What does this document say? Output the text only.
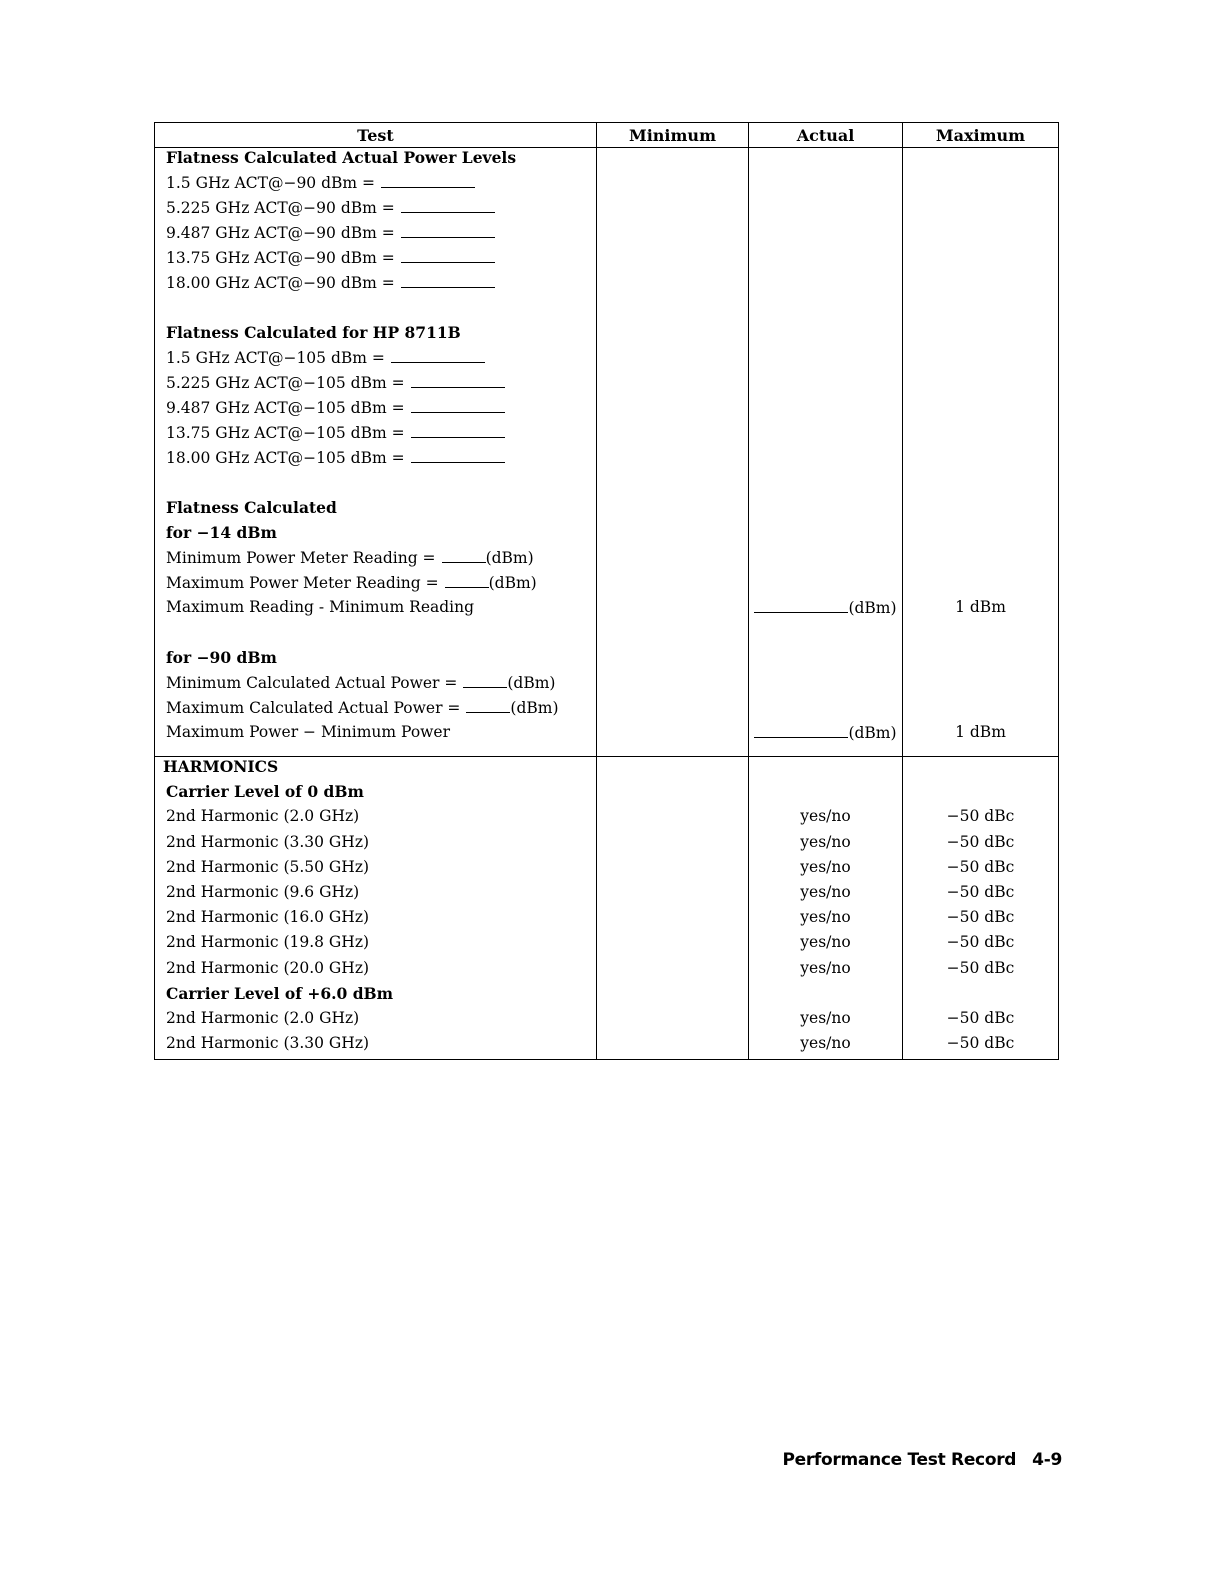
Test	Minimum	Actual	Maximum
Flatness Calculated Actual Power Levels			
1.5 GHz ACT@−90 dBm =			
5.225 GHz ACT@−90 dBm =			
9.487 GHz ACT@−90 dBm =			
13.75 GHz ACT@−90 dBm =			
18.00 GHz ACT@−90 dBm =			

Flatness Calculated for HP 8711B			
1.5 GHz ACT@−105 dBm =			
5.225 GHz ACT@−105 dBm =			
9.487 GHz ACT@−105 dBm =			
13.75 GHz ACT@−105 dBm =			
18.00 GHz ACT@−105 dBm =			

Flatness Calculated			
for −14 dBm			
Minimum Power Meter Reading = (dBm)			
Maximum Power Meter Reading = (dBm)			
Maximum Reading - Minimum Reading		(dBm)	1 dBm

for −90 dBm			
Minimum Calculated Actual Power = (dBm)			
Maximum Calculated Actual Power = (dBm)			
Maximum Power − Minimum Power		(dBm)	1 dBm

HARMONICS			
Carrier Level of 0 dBm			
2nd Harmonic (2.0 GHz)		yes/no	−50 dBc
2nd Harmonic (3.30 GHz)		yes/no	−50 dBc
2nd Harmonic (5.50 GHz)		yes/no	−50 dBc
2nd Harmonic (9.6 GHz)		yes/no	−50 dBc
2nd Harmonic (16.0 GHz)		yes/no	−50 dBc
2nd Harmonic (19.8 GHz)		yes/no	−50 dBc
2nd Harmonic (20.0 GHz)		yes/no	−50 dBc
Carrier Level of +6.0 dBm			
2nd Harmonic (2.0 GHz)		yes/no	−50 dBc
2nd Harmonic (3.30 GHz)		yes/no	−50 dBc
Performance Test Record 4-9
